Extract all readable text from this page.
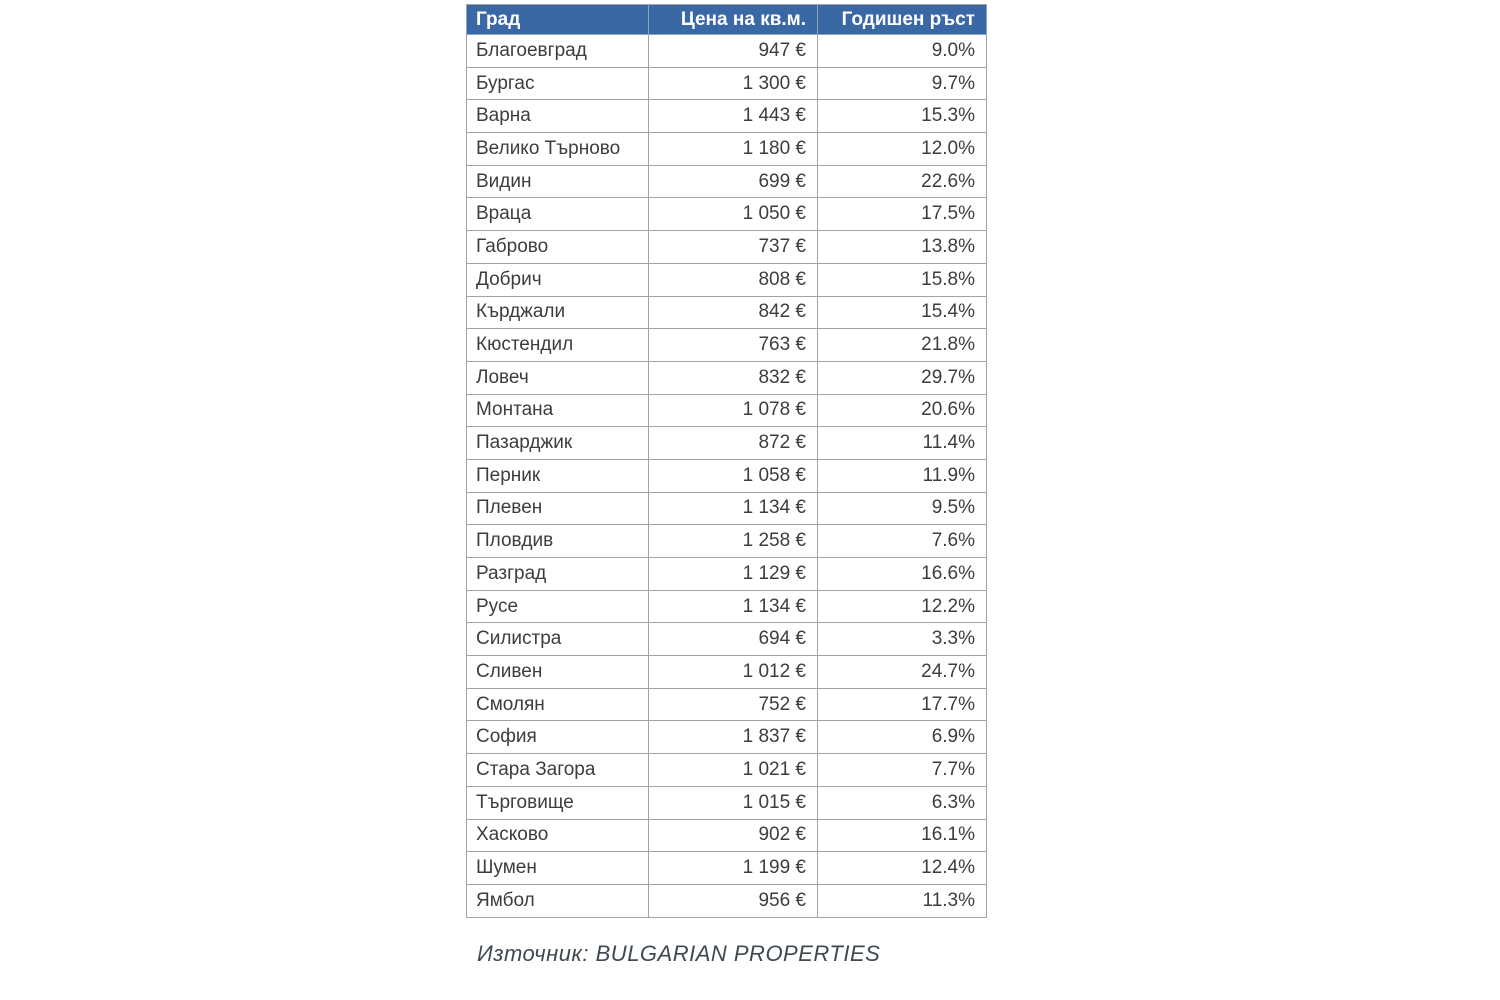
Град	Цена на кв.м.	Годишен ръст
Благоевград	947 €	9.0%
Бургас	1 300 €	9.7%
Варна	1 443 €	15.3%
Велико Търново	1 180 €	12.0%
Видин	699 €	22.6%
Враца	1 050 €	17.5%
Габрово	737 €	13.8%
Добрич	808 €	15.8%
Кърджали	842 €	15.4%
Кюстендил	763 €	21.8%
Ловеч	832 €	29.7%
Монтана	1 078 €	20.6%
Пазарджик	872 €	11.4%
Перник	1 058 €	11.9%
Плевен	1 134 €	9.5%
Пловдив	1 258 €	7.6%
Разград	1 129 €	16.6%
Русе	1 134 €	12.2%
Силистра	694 €	3.3%
Сливен	1 012 €	24.7%
Смолян	752 €	17.7%
София	1 837 €	6.9%
Стара Загора	1 021 €	7.7%
Търговище	1 015 €	6.3%
Хасково	902 €	16.1%
Шумен	1 199 €	12.4%
Ямбол	956 €	11.3%
Източник: BULGARIAN PROPERTIES
